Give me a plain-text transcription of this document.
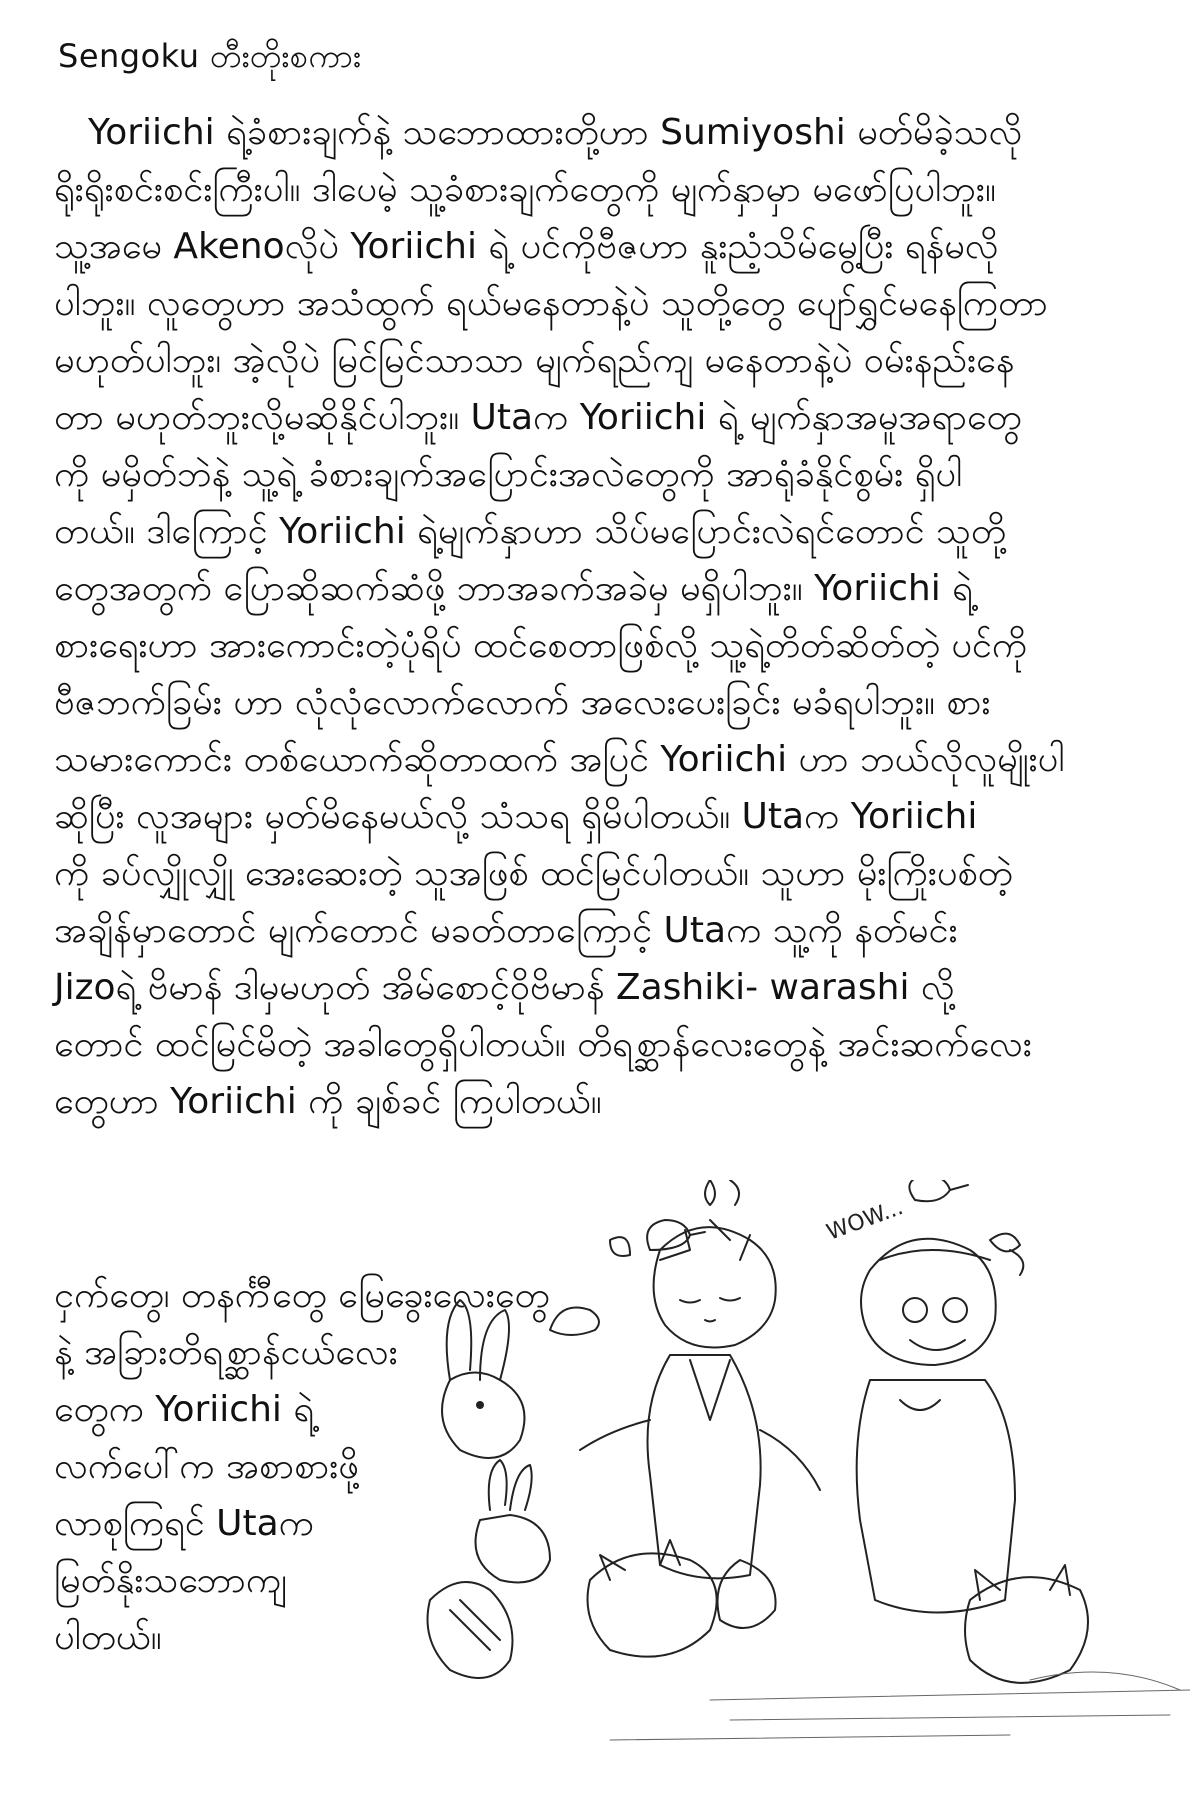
Sengoku တီးတိုးစကား
Yoriichi ရဲ့ခံစားချက်နဲ့ သဘောထားတို့ဟာ Sumiyoshi မတ်မိခဲ့သလို
ရိုးရိုးစင်းစင်းကြီးပါ။ ဒါပေမဲ့ သူ့ခံစားချက်တွေကို မျက်နှာမှာ မဖော်ပြပါဘူး။
သူ့အမေ Akenoလိုပဲ Yoriichi ရဲ့ ပင်ကိုဗီဇဟာ နူးညံ့သိမ်မွေ့ပြီး ရန်မလို
ပါဘူး။ လူတွေဟာ အသံထွက် ရယ်မနေတာနဲ့ပဲ သူတို့တွေ ပျော်ရွှင်မနေကြတာ
မဟုတ်ပါဘူး၊ အဲ့လိုပဲ မြင်မြင်သာသာ မျက်ရည်ကျ မနေတာနဲ့ပဲ ဝမ်းနည်းနေ
တာ မဟုတ်ဘူးလို့မဆိုနိုင်ပါဘူး။ Utaက Yoriichi ရဲ့ မျက်နှာအမူအရာတွေ
ကို မမှိတ်ဘဲနဲ့ သူ့ရဲ့ ခံစားချက်အပြောင်းအလဲတွေကို အာရုံခံနိုင်စွမ်း ရှိပါ
တယ်။ ဒါကြောင့် Yoriichi ရဲ့မျက်နှာဟာ သိပ်မပြောင်းလဲရင်တောင် သူတို့
တွေအတွက် ပြောဆိုဆက်ဆံဖို့ ဘာအခက်အခဲမှ မရှိပါဘူး။ Yoriichi ရဲ့
စားရေးဟာ အားကောင်းတဲ့ပုံရိပ် ထင်စေတာဖြစ်လို့ သူ့ရဲ့တိတ်ဆိတ်တဲ့ ပင်ကို
ဗီဇဘက်ခြမ်း ဟာ လုံလုံလောက်လောက် အလေးပေးခြင်း မခံရပါဘူး။ စား
သမားကောင်း တစ်ယောက်ဆိုတာထက် အပြင် Yoriichi ဟာ ဘယ်လိုလူမျိုးပါ
ဆိုပြီး လူအများ မှတ်မိနေမယ်လို့ သံသရ ရှိမိပါတယ်။ Utaက Yoriichi
ကို ခပ်လျှိုလျှို အေးဆေးတဲ့ သူအဖြစ် ထင်မြင်ပါတယ်။ သူဟာ မိုးကြိုးပစ်တဲ့
အချိန်မှာတောင် မျက်တောင် မခတ်တာကြောင့် Utaက သူ့ကို နတ်မင်း
Jizoရဲ့ ဗိမာန် ဒါမှမဟုတ် အိမ်စောင့်ဝိုဗိမာန် Zashiki- warashi လို့
တောင် ထင်မြင်မိတဲ့ အခါတွေရှိပါတယ်။ တိရစ္ဆာန်လေးတွေနဲ့ အင်းဆက်လေး
တွေဟာ Yoriichi ကို ချစ်ခင် ကြပါတယ်။
ငှက်တွေ၊ တနင်္ကီတွေ မြေခွေးလေးတွေ
နဲ့ အခြားတိရစ္ဆာန်ငယ်လေး
တွေက Yoriichi ရဲ့
လက်ပေါ်က အစာစားဖို့
လာစုကြရင် Utaက
မြတ်နိုးသဘောကျ
ပါတယ်။
WOW...
